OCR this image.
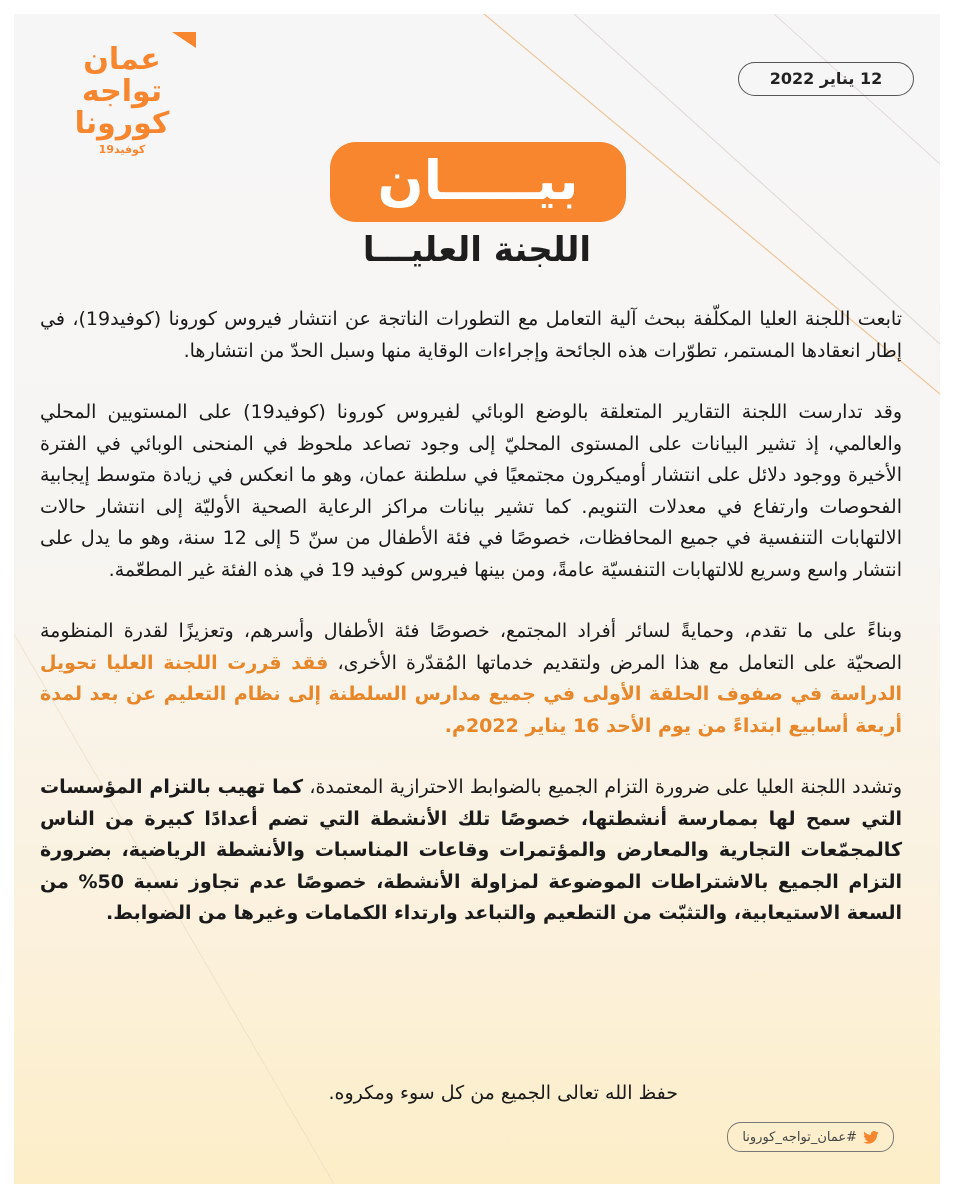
عمان
تواجه
كورونا
كوفيد19
12 يناير 2022
بيـــــان
اللجنة العليـــا

تابعت اللجنة العليا المكلّفة ببحث آلية التعامل مع التطورات الناتجة عن انتشار فيروس كورونا (كوفيد19)، في إطار انعقادها المستمر، تطوّرات هذه الجائحة وإجراءات الوقاية منها وسبل الحدّ من انتشارها.

وقد تدارست اللجنة التقارير المتعلقة بالوضع الوبائي لفيروس كورونا (كوفيد19) على المستويين المحلي والعالمي، إذ تشير البيانات على المستوى المحليّ إلى وجود تصاعد ملحوظ في المنحنى الوبائي في الفترة الأخيرة ووجود دلائل على انتشار أوميكرون مجتمعيًا في سلطنة عمان، وهو ما انعكس في زيادة متوسط إيجابية الفحوصات وارتفاع في معدلات التنويم. كما تشير بيانات مراكز الرعاية الصحية الأوليّة إلى انتشار حالات الالتهابات التنفسية في جميع المحافظات، خصوصًا في فئة الأطفال من سنّ 5 إلى 12 سنة، وهو ما يدل على انتشار واسع وسريع للالتهابات التنفسيّة عامةً، ومن بينها فيروس كوفيد 19 في هذه الفئة غير المطعّمة.

وبناءً على ما تقدم، وحمايةً لسائر أفراد المجتمع، خصوصًا فئة الأطفال وأسرهم، وتعزيزًا لقدرة المنظومة الصحيّة على التعامل مع هذا المرض ولتقديم خدماتها المُقدّرة الأخرى، فقد قررت اللجنة العليا تحويل الدراسة في صفوف الحلقة الأولى في جميع مدارس السلطنة إلى نظام التعليم عن بعد لمدة أربعة أسابيع ابتداءً من يوم الأحد 16 يناير 2022م.

وتشدد اللجنة العليا على ضرورة التزام الجميع بالضوابط الاحترازية المعتمدة، كما تهيب بالتزام المؤسسات التي سمح لها بممارسة أنشطتها، خصوصًا تلك الأنشطة التي تضم أعدادًا كبيرة من الناس كالمجمّعات التجارية والمعارض والمؤتمرات وقاعات المناسبات والأنشطة الرياضية، بضرورة التزام الجميع بالاشتراطات الموضوعة لمزاولة الأنشطة، خصوصًا عدم تجاوز نسبة 50% من السعة الاستيعابية، والتثبّت من التطعيم والتباعد وارتداء الكمامات وغيرها من الضوابط.

حفظ الله تعالى الجميع من كل سوء ومكروه.
#عمان_تواجه_كورونا
